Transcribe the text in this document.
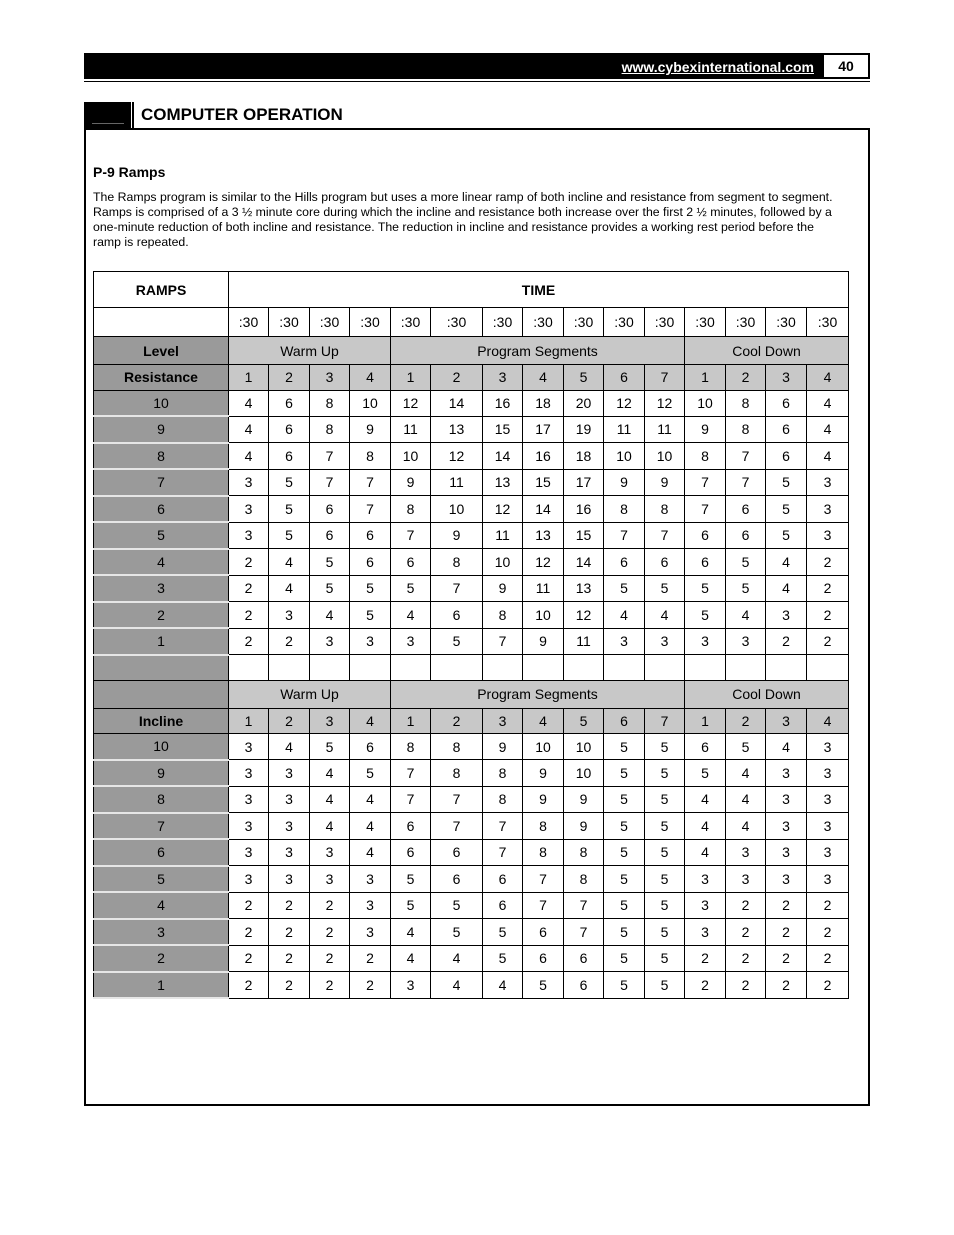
www.cybexinternational.com	40
COMPUTER OPERATION
P-9 Ramps

The Ramps program is similar to the Hills program but uses a more linear ramp of both incline and resistance from segment to segment. Ramps is comprised of a 3 ½ minute core during which the incline and resistance both increase over the first 2 ½ minutes, followed by a one-minute reduction of both incline and resistance. The reduction in incline and resistance provides a working rest period before the ramp is repeated.

RAMPS	TIME														
	:30	:30	:30	:30	:30	:30	:30	:30	:30	:30	:30	:30	:30	:30	:30
Level	Warm Up				Program Segments							Cool Down			
Resistance	1	2	3	4	1	2	3	4	5	6	7	1	2	3	4
10	4	6	8	10	12	14	16	18	20	12	12	10	8	6	4
9	4	6	8	9	11	13	15	17	19	11	11	9	8	6	4
8	4	6	7	8	10	12	14	16	18	10	10	8	7	6	4
7	3	5	7	7	9	11	13	15	17	9	9	7	7	5	3
6	3	5	6	7	8	10	12	14	16	8	8	7	6	5	3
5	3	5	6	6	7	9	11	13	15	7	7	6	6	5	3
4	2	4	5	6	6	8	10	12	14	6	6	6	5	4	2
3	2	4	5	5	5	7	9	11	13	5	5	5	5	4	2
2	2	3	4	5	4	6	8	10	12	4	4	5	4	3	2
1	2	2	3	3	3	5	7	9	11	3	3	3	3	2	2

	Warm Up				Program Segments							Cool Down			
Incline	1	2	3	4	1	2	3	4	5	6	7	1	2	3	4
10	3	4	5	6	8	8	9	10	10	5	5	6	5	4	3
9	3	3	4	5	7	8	8	9	10	5	5	5	4	3	3
8	3	3	4	4	7	7	8	9	9	5	5	4	4	3	3
7	3	3	4	4	6	7	7	8	9	5	5	4	4	3	3
6	3	3	3	4	6	6	7	8	8	5	5	4	3	3	3
5	3	3	3	3	5	6	6	7	8	5	5	3	3	3	3
4	2	2	2	3	5	5	6	7	7	5	5	3	2	2	2
3	2	2	2	3	4	5	5	6	7	5	5	3	2	2	2
2	2	2	2	2	4	4	5	6	6	5	5	2	2	2	2
1	2	2	2	2	3	4	4	5	6	5	5	2	2	2	2
